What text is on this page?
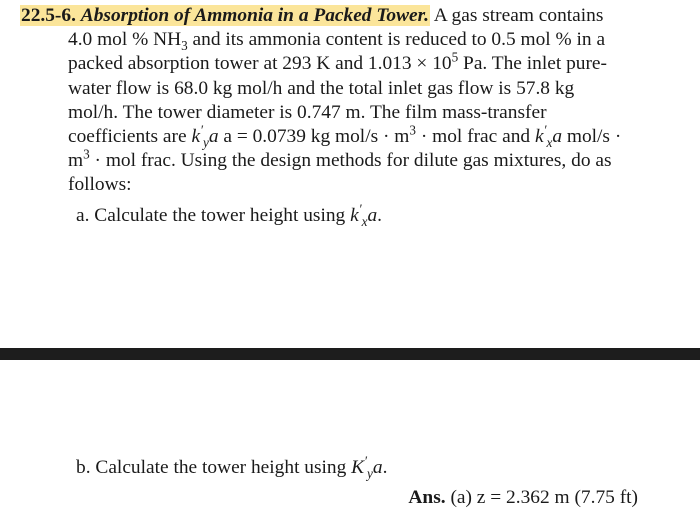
22.5-6. Absorption of Ammonia in a Packed Tower. A gas stream contains
4.0 mol % $NH_3$ and its ammonia content is reduced to 0.5 mol % in a
packed absorption tower at 293 K and $1.013 \times 10^5$ Pa. The inlet pure-
water flow is 68.0 kg mol/h and the total inlet gas flow is 57.8 kg
mol/h. The tower diameter is 0.747 m. The film mass-transfer
coefficients are $k'_ya$ a = 0.0739 kg $mol/s \cdot m^3$ · mol frac and $k'_xa$ mol/s ·
$m^3$ · mol frac. Using the design methods for dilute gas mixtures, do as
follows:
a. Calculate the tower height using $k'_xa$.
b. Calculate the tower height using $K'_ya$.
Ans. (a) z = 2.362 m (7.75 ft)
